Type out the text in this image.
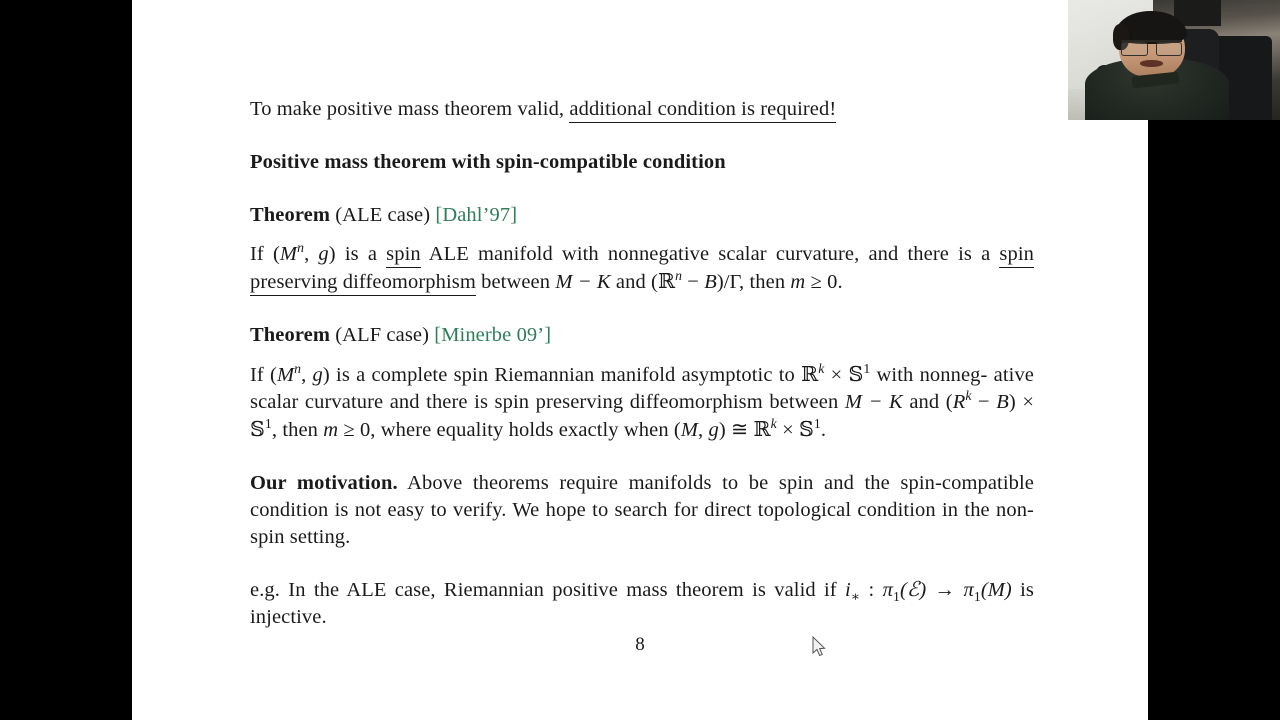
To make positive mass theorem valid, additional condition is required!
Positive mass theorem with spin-compatible condition
Theorem (ALE case) [Dahl’97]
If ($M^n$, g) is a spin ALE manifold with nonnegative scalar curvature, and there is a spin preserving diffeomorphism between M − K and (ℝ$^n$ − B)/Γ, then m ≥ 0.
Theorem (ALF case) [Minerbe 09’]
If ($M^n$, g) is a complete spin Riemannian manifold asymptotic to ℝ$^k$ × 𝕊$^1$ with nonneg- ative scalar curvature and there is spin preserving diffeomorphism between M − K and $(R^k - B)$ × 𝕊$^1$, then m ≥ 0, where equality holds exactly when (M, g) ≅ ℝ$^k$ × 𝕊$^1$.
Our motivation. Above theorems require manifolds to be spin and the spin-compatible condition is not easy to verify. We hope to search for direct topological condition in the non-spin setting.
e.g. In the ALE case, Riemannian positive mass theorem is valid if $i_∗$ : $\pi_1(ℰ) \to \pi_1(M)$ is injective.
8
